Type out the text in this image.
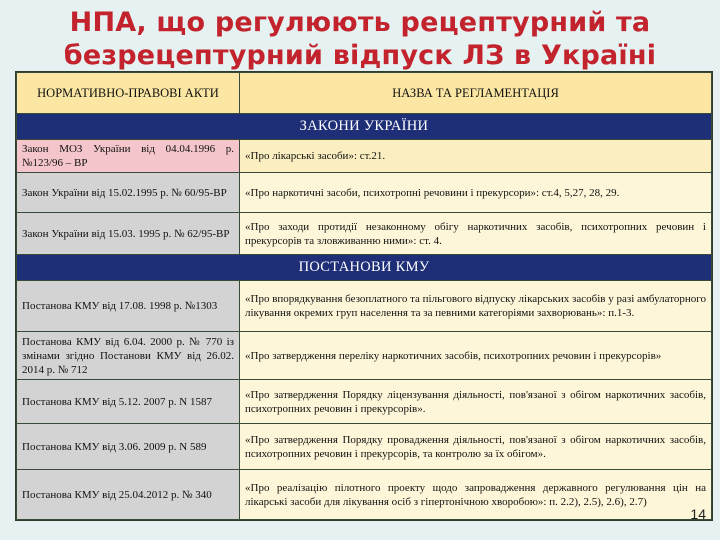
НПА, що регулюють рецептурний та
безрецептурний відпуск ЛЗ в Україні
НОРМАТИВНО-ПРАВОВІ АКТИ	НАЗВА ТА РЕГЛАМЕНТАЦІЯ
ЗАКОНИ УКРАЇНИ	
Закон МОЗ України від 04.04.1996 р. №123/96 – ВР	«Про лікарські засоби»: ст.21.
Закон України від 15.02.1995 р. № 60/95-ВР	«Про наркотичні засоби, психотропні речовини і прекурсори»: ст.4, 5,27, 28, 29.
Закон України від 15.03. 1995 р. № 62/95-ВР	«Про заходи протидії незаконному обігу наркотичних засобів, психотропних речовин і прекурсорів та зловживанню ними»: ст. 4.
ПОСТАНОВИ КМУ	
Постанова КМУ від 17.08. 1998 р. №1303	«Про впорядкування безоплатного та пільгового відпуску лікарських засобів у разі амбулаторного лікування окремих груп населення та за певними категоріями захворювань»: п.1-3.
Постанова КМУ від 6.04. 2000 р. № 770 із змінами згідно Постанови КМУ від 26.02. 2014 р. № 712	«Про затвердження переліку наркотичних засобів, психотропних речовин і прекурсорів»
Постанова КМУ від 5.12. 2007 р. N 1587	«Про затвердження Порядку ліцензування діяльності, пов'язаної з обігом наркотичних засобів, психотропних речовин і прекурсорів».
Постанова КМУ від 3.06. 2009 р. N 589	«Про затвердження Порядку провадження діяльності, пов'язаної з обігом наркотичних засобів, психотропних речовин і прекурсорів, та контролю за їх обігом».
Постанова КМУ від 25.04.2012 р. № 340	«Про реалізацію пілотного проекту щодо запровадження державного регулювання цін на лікарські засоби для лікування осіб з гіпертонічною хворобою»: п. 2.2), 2.5), 2.6), 2.7)
14
